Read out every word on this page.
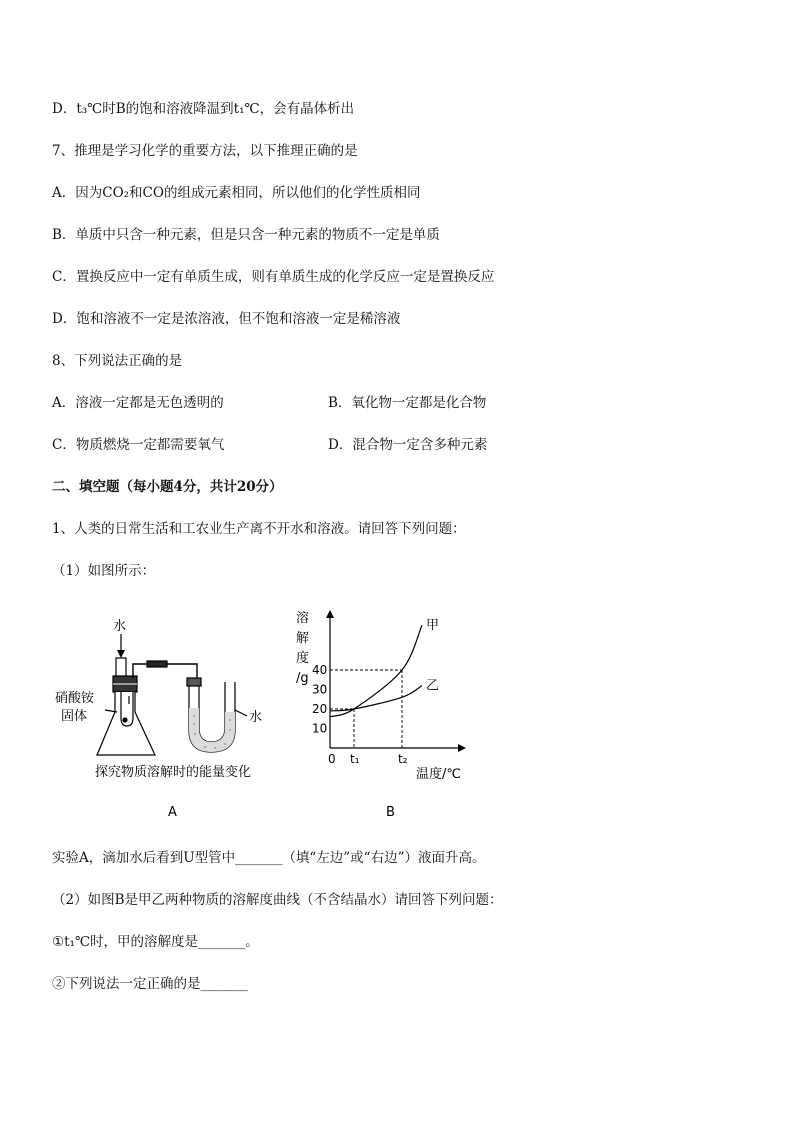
D．t₃℃时B的饱和溶液降温到t₁℃，会有晶体析出
7、推理是学习化学的重要方法，以下推理正确的是
A．因为CO₂和CO的组成元素相同，所以他们的化学性质相同
B．单质中只含一种元素，但是只含一种元素的物质不一定是单质
C．置换反应中一定有单质生成，则有单质生成的化学反应一定是置换反应
D．饱和溶液不一定是浓溶液，但不饱和溶液一定是稀溶液
8、下列说法正确的是
A．溶液一定都是无色透明的	B．氧化物一定都是化合物
C．物质燃烧一定都需要氧气	D．混合物一定含多种元素
二、填空题（每小题4分，共计20分）
1、人类的日常生活和工农业生产离不开水和溶液。请回答下列问题：
（1）如图所示：
水
硝酸铵
固体	水
探究物质溶解时的能量变化
A
溶
解
度
/g
甲
乙
10
20
30
40
t₁	t₂
0
温度/℃
B
实验A，滴加水后看到U型管中_______（填“左边”或“右边”）液面升高。
（2）如图B是甲乙两种物质的溶解度曲线（不含结晶水）请回答下列问题：
①t₁℃时，甲的溶解度是_______。
②下列说法一定正确的是_______
